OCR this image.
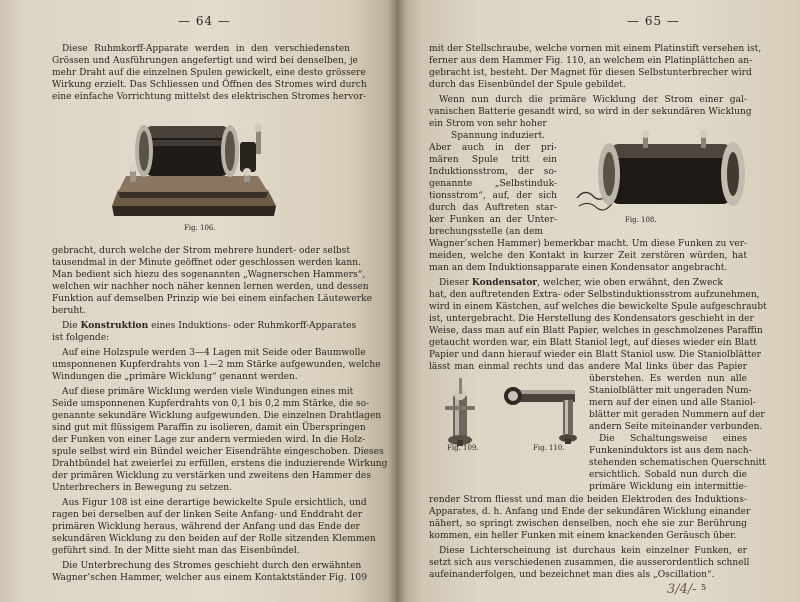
— 64 —

Diese Ruhmkorff-Apparate werden in den verschiedensten

Grössen und Ausführungen angefertigt und wird bei denselben, je

mehr Draht auf die einzelnen Spulen gewickelt, eine desto grössere

Wirkung erzielt. Das Schliessen und Öffnen des Stromes wird durch

eine einfache Vorrichtung mittelst des elektrischen Stromes hervor-

Fig. 106.

gebracht, durch welche der Strom mehrere hundert- oder selbst

tausendmal in der Minute geöffnet oder geschlossen werden kann.

Man bedient sich hiezu des sogenannten „Wagnerschen Hammers“,

welchen wir nachher noch näher kennen lernen werden, und dessen

Funktion auf demselben Prinzip wie bei einem einfachen Läutewerke

beruht.

Die Konstruktion eines Induktions- oder Ruhmkorff-Apparates

ist folgende:

Auf eine Holzspule werden 3—4 Lagen mit Seide oder Baumwolle

umsponnenen Kupferdrahts von 1—2 mm Stärke aufgewunden, welche

Windungen die „primäre Wicklung“ genannt werden.

Auf diese primäre Wicklung werden viele Windungen eines mit

Seide umsponnenen Kupferdrahts von 0,1 bis 0,2 mm Stärke, die so-

genannte sekundäre Wicklung aufgewunden. Die einzelnen Drahtlagen

sind gut mit flüssigem Paraffin zu isolieren, damit ein Überspringen

der Funken von einer Lage zur andern vermieden wird. In die Holz-

spule selbst wird ein Bündel weicher Eisendrähte eingeschoben. Dieses

Drahtbündel hat zweierlei zu erfüllen, erstens die induzierende Wirkung

der primären Wicklung zu verstärken und zweitens den Hammer des

Unterbrechers in Bewegung zu setzen.

Aus Figur 108 ist eine derartige bewickelte Spule ersichtlich, und

ragen bei derselben auf der linken Seite Anfang- und Enddraht der

primären Wicklung heraus, während der Anfang und das Ende der

sekundären Wicklung zu den beiden auf der Rolle sitzenden Klemmen

geführt sind. In der Mitte sieht man das Eisenbündel.

Die Unterbrechung des Stromes geschieht durch den erwähnten

Wagner’schen Hammer, welcher aus einem Kontaktständer Fig. 109

— 65 —

mit der Stellschraube, welche vornen mit einem Platinstift versehen ist,

ferner aus dem Hammer Fig. 110, an welchem ein Platinplättchen an-

gebracht ist, besteht. Der Magnet für diesen Selbstunterbrecher wird

durch das Eisenbündel der Spule gebildet.

Wenn nun durch die primäre Wicklung der Strom einer gal-

vanischen Batterie gesandt wird, so wird in der sekundären Wicklung

ein Strom von sehr hoher

Spannung induziert.

Aber auch in der pri-

mären Spule tritt ein

Induktionsstrom, der so-

genannte „Selbstinduk-

tionsstrom“, auf, der sich

durch das Auftreten star-

ker Funken an der Unter-

brechungsstelle (an dem

Fig. 108.

Wagner’schen Hammer) bemerkbar macht. Um diese Funken zu ver-

meiden, welche den Kontakt in kurzer Zeit zerstören würden, hat

man an dem Induktionsapparate einen Kondensator angebracht.

Dieser Kondensator, welcher, wie oben erwähnt, den Zweck

hat, den auftretenden Extra- oder Selbstinduktionsstrom aufzunehmen,

wird in einem Kästchen, auf welches die bewickelte Spule aufgeschraubt

ist, untergebracht. Die Herstellung des Kondensators geschieht in der

Weise, dass man auf ein Blatt Papier, welches in geschmolzenes Paraffin

getaucht worden war, ein Blatt Staniol legt, auf dieses wieder ein Blatt

Papier und dann hierauf wieder ein Blatt Staniol usw. Die Staniolblätter

lässt man einmal rechts und das andere Mal links über das Papier

Fig. 109.	Fig. 110.

überstehen. Es werden nun alle

Staniolblätter mit ungeraden Num-

mern auf der einen und alle Staniol-

blätter mit geraden Nummern auf der

andern Seite miteinander verbunden.

Die Schaltungsweise eines

Funkeninduktors ist aus dem nach-

stehenden schematischen Querschnitt

ersichtlich. Sobald nun durch die

primäre Wicklung ein intermittie-

render Strom fliesst und man die beiden Elektroden des Induktions-

Apparates, d. h. Anfang und Ende der sekundären Wicklung einander

nähert, so springt zwischen denselben, noch ehe sie zur Berührung

kommen, ein heller Funken mit einem knackenden Geräusch über.

Diese Lichterscheinung ist durchaus kein einzelner Funken, er

setzt sich aus verschiedenen zusammen, die ausserordentlich schnell

aufeinanderfolgen, und bezeichnet man dies als „Oscillation“.

5
3/4/-
